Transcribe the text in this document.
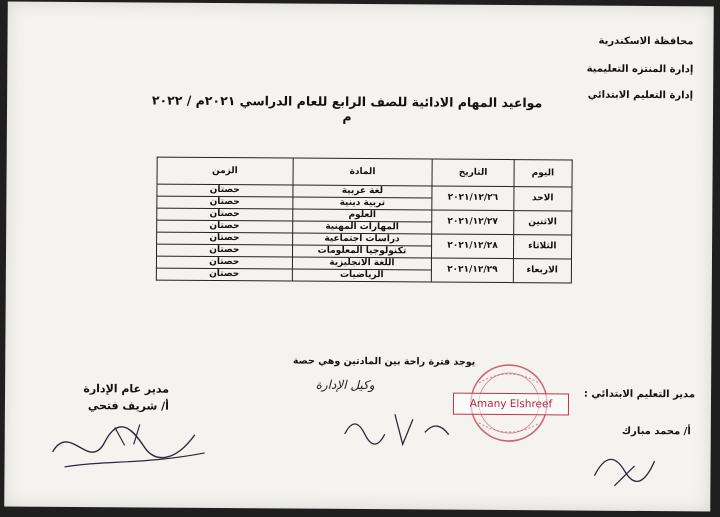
محافظة الاسكندرية
إدارة المنتزه التعليمية
إدارة التعليم الابتدائي
مواعيد المهام الادائية للصف الرابع للعام الدراسي ٢٠٢١م / ٢٠٢٢ م
اليوم	التاريخ	المادة	الزمن
الاحد	٢٠٢١/١٢/٢٦	لغة عربية	حصتان
		تربية دينية	حصتان
الاثنين	٢٠٢١/١٢/٢٧	العلوم	حصتان
		المهارات المهنية	حصتان
الثلاثاء	٢٠٢١/١٢/٢٨	دراسات اجتماعية	حصتان
		تكنولوجيا المعلومات	حصتان
الاربعاء	٢٠٢١/١٢/٢٩	اللغة الانجليزية	حصتان
		الرياضيات	حصتان
يوجد فترة راحة بين المادتين وهي حصة
مدير عام الإدارة
أ/ شريف فتحي
مدير التعليم الابتدائي :
أ/ محمد مبارك
وكيل الإدارة
Amany Elshreef
